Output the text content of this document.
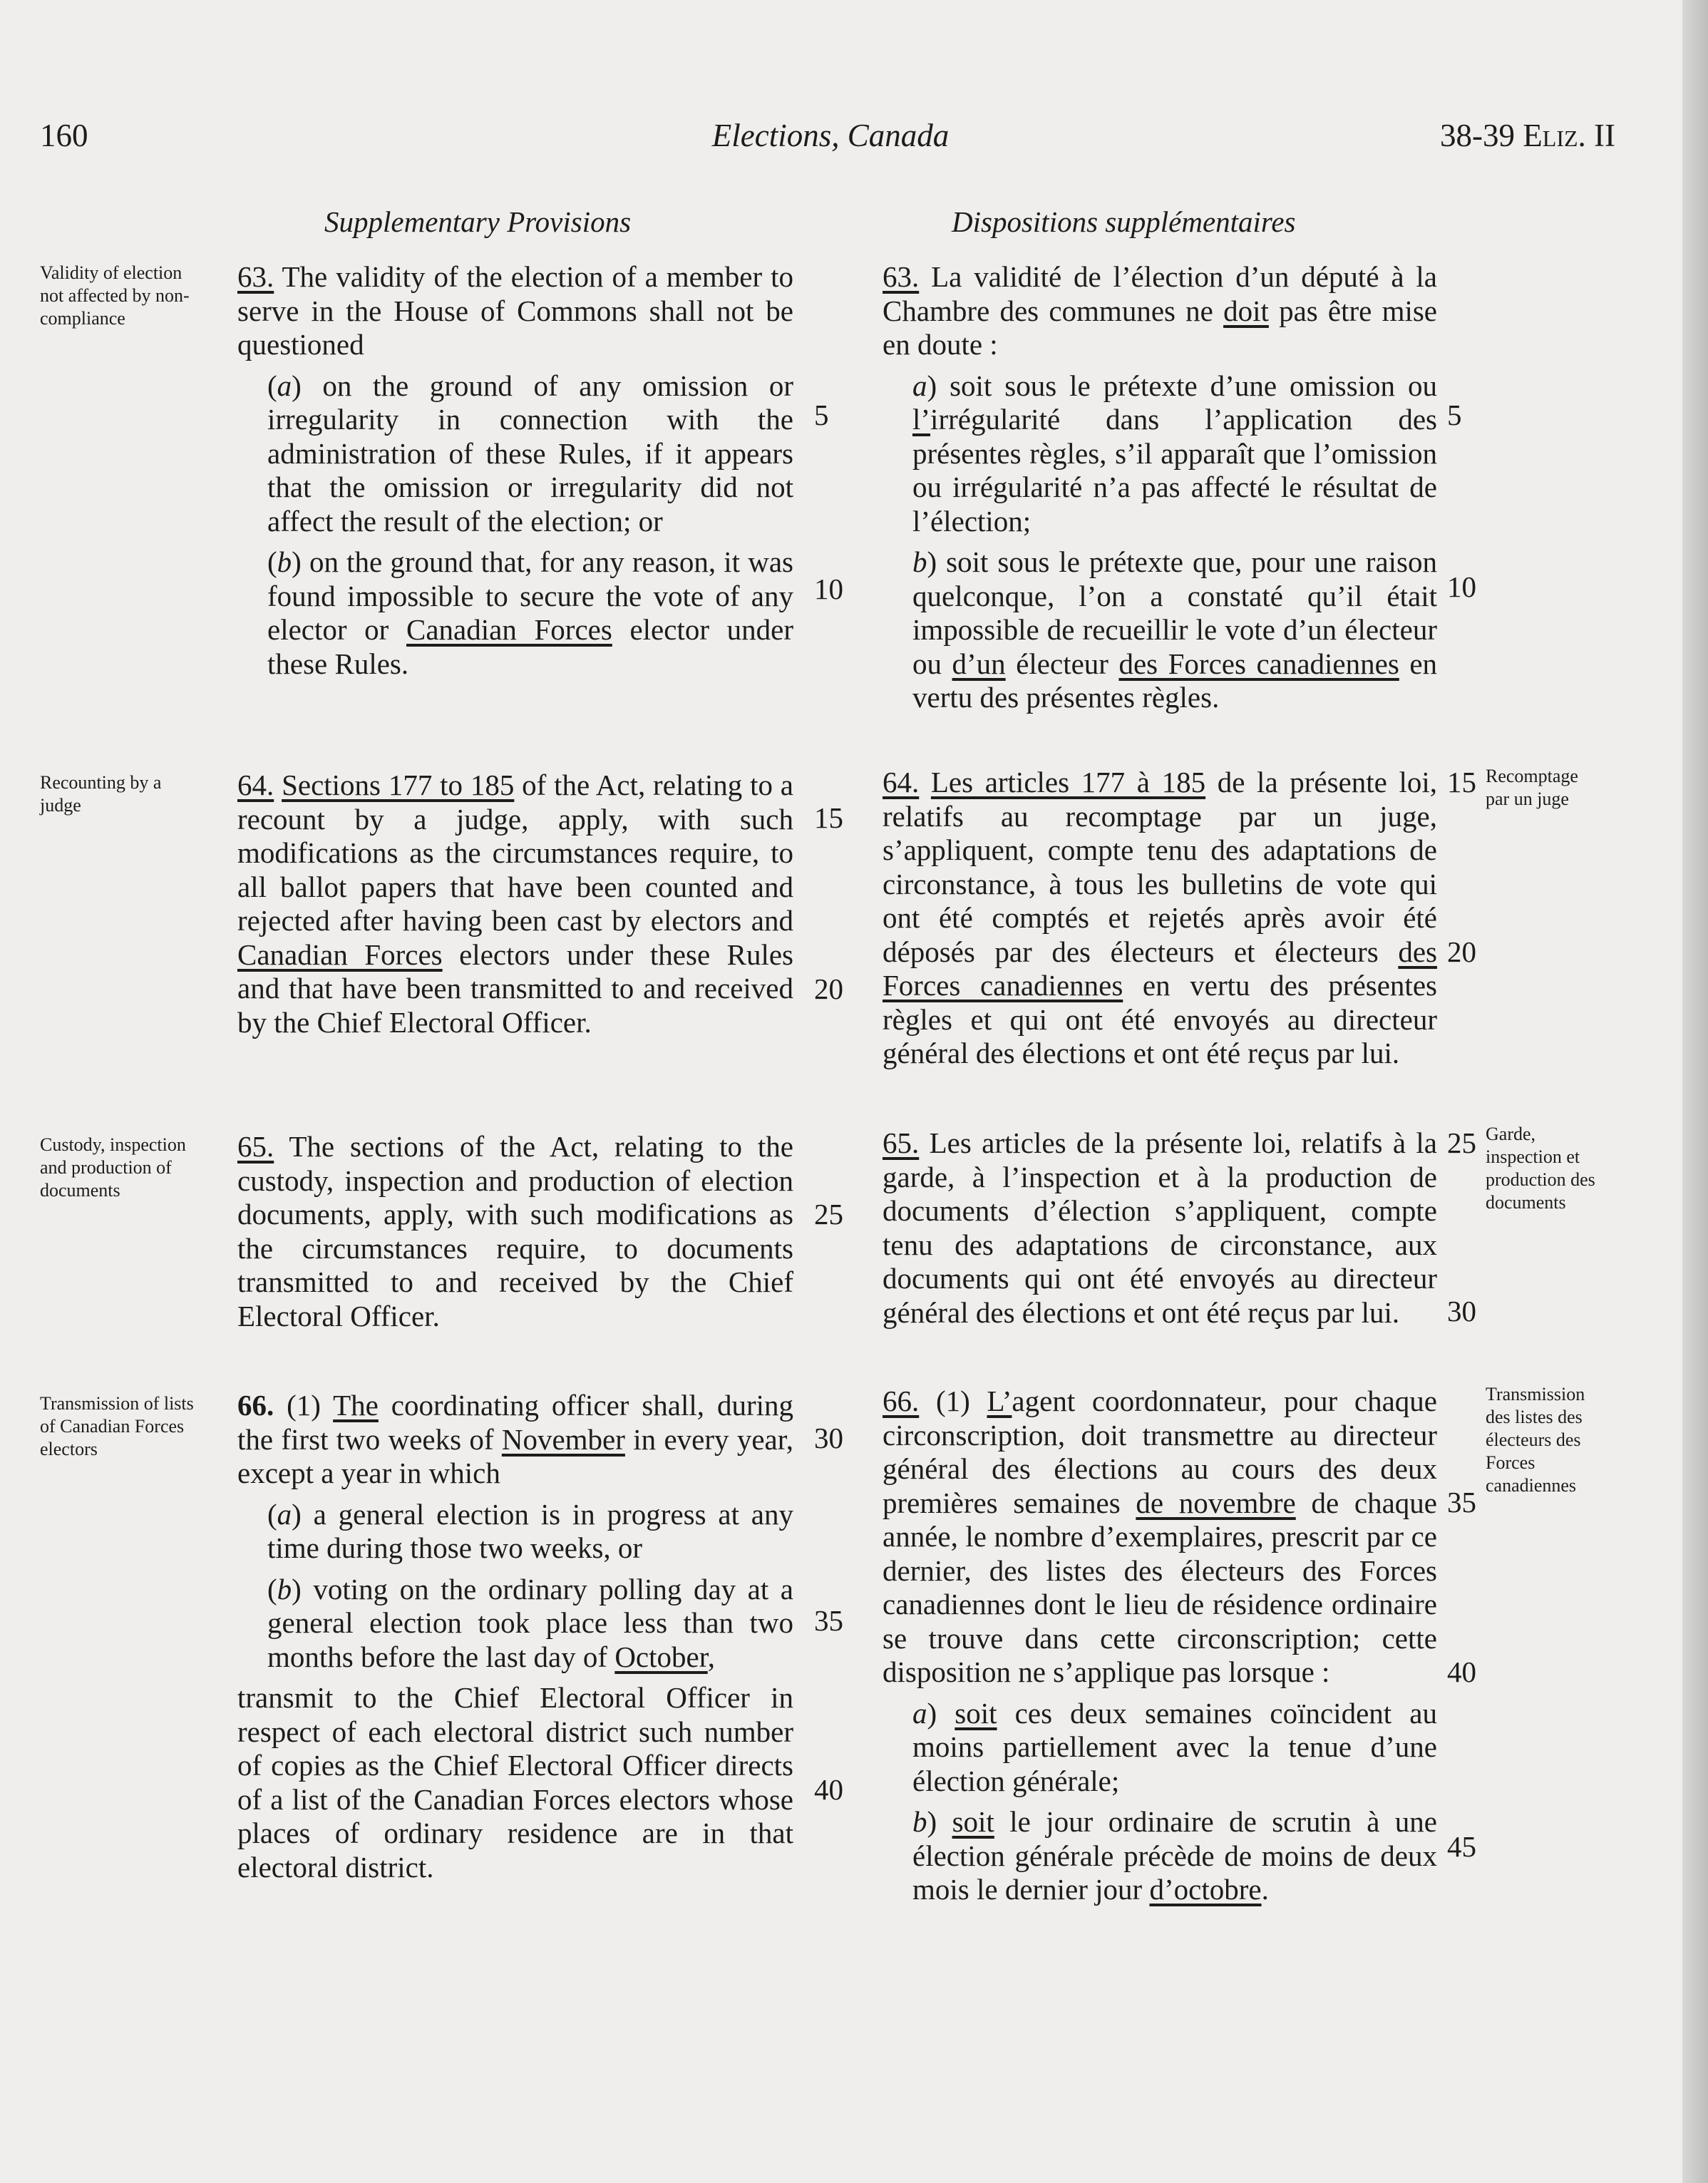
160	Elections, Canada	38-39 Eliz. II
Supplementary Provisions	Dispositions supplémentaires
Validity of election not affected by non-compliance
Recounting by a judge
Custody, inspection and production of documents
Transmission of lists of Canadian Forces electors
Recomptage par un juge
Garde, inspection et production des documents
Transmission des listes des électeurs des Forces canadiennes

63. The validity of the election of a member to serve in the House of Commons shall not be questioned

(a) on the ground of any omission or irregularity in connection with the administration of these Rules, if it appears that the omission or irregularity did not affect the result of the election; or

(b) on the ground that, for any reason, it was found impossible to secure the vote of any elector or Canadian Forces elector under these Rules.

64. Sections 177 to 185 of the Act, relating to a recount by a judge, apply, with such modifications as the circumstances require, to all ballot papers that have been counted and rejected after having been cast by electors and Canadian Forces electors under these Rules and that have been transmitted to and received by the Chief Electoral Officer.

65. The sections of the Act, relating to the custody, inspection and production of election documents, apply, with such modifications as the circumstances require, to documents transmitted to and received by the Chief Electoral Officer.

66. (1) The coordinating officer shall, during the first two weeks of November in every year, except a year in which

(a) a general election is in progress at any time during those two weeks, or

(b) voting on the ordinary polling day at a general election took place less than two months before the last day of October,

transmit to the Chief Electoral Officer in respect of each electoral district such number of copies as the Chief Electoral Officer directs of a list of the Canadian Forces electors whose places of ordinary residence are in that electoral district.

63. La validité de l’élection d’un député à la Chambre des communes ne doit pas être mise en doute :

a) soit sous le prétexte d’une omission ou l’irrégularité dans l’application des présentes règles, s’il apparaît que l’omission ou irrégularité n’a pas affecté le résultat de l’élection;

b) soit sous le prétexte que, pour une raison quelconque, l’on a constaté qu’il était impossible de recueillir le vote d’un électeur ou d’un électeur des Forces canadiennes en vertu des présentes règles.

64. Les articles 177 à 185 de la présente loi, relatifs au recomptage par un juge, s’appliquent, compte tenu des adaptations de circonstance, à tous les bulletins de vote qui ont été comptés et rejetés après avoir été déposés par des électeurs et électeurs des Forces canadiennes en vertu des présentes règles et qui ont été envoyés au directeur général des élections et ont été reçus par lui.

65. Les articles de la présente loi, relatifs à la garde, à l’inspection et à la production de documents d’élection s’appliquent, compte tenu des adaptations de circonstance, aux documents qui ont été envoyés au directeur général des élections et ont été reçus par lui.

66. (1) L’agent coordonnateur, pour chaque circonscription, doit transmettre au directeur général des élections au cours des deux premières semaines de novembre de chaque année, le nombre d’exemplaires, prescrit par ce dernier, des listes des électeurs des Forces canadiennes dont le lieu de résidence ordinaire se trouve dans cette circonscription; cette disposition ne s’applique pas lorsque :

a) soit ces deux semaines coïncident au moins partiellement avec la tenue d’une élection générale;

b) soit le jour ordinaire de scrutin à une élection générale précède de moins de deux mois le dernier jour d’octobre.

5
10
15
20
25
30
35
40
5
10
15
20
25
30
35
40
45
